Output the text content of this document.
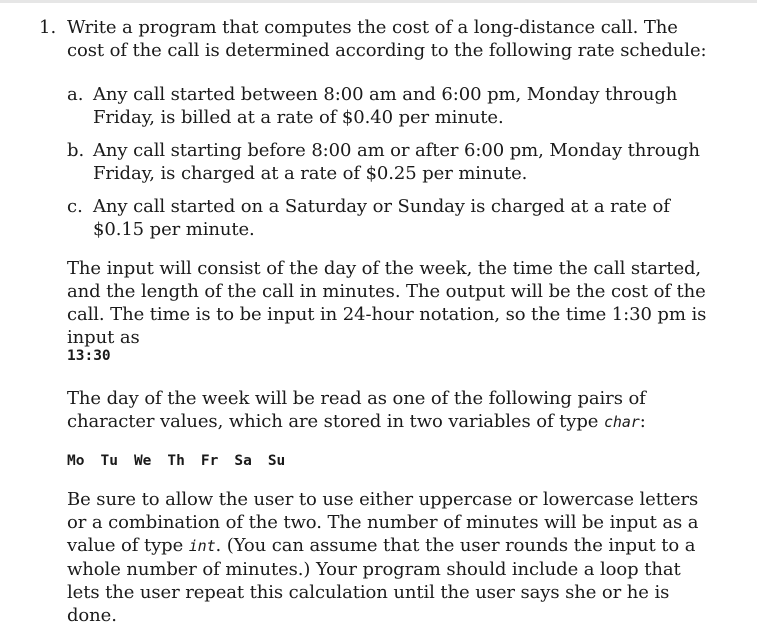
1. Write a program that computes the cost of a long-distance call. The cost of the call is determined according to the following rate schedule:

a. Any call started between 8:00 am and 6:00 pm, Monday through Friday, is billed at a rate of $0.40 per minute.

b. Any call starting before 8:00 am or after 6:00 pm, Monday through Friday, is charged at a rate of $0.25 per minute.

c. Any call started on a Saturday or Sunday is charged at a rate of $0.15 per minute.

The input will consist of the day of the week, the time the call started, and the length of the call in minutes. The output will be the cost of the call. The time is to be input in 24-hour notation, so the time 1:30 pm is input as

13:30

The day of the week will be read as one of the following pairs of character values, which are stored in two variables of type char:

Mo Tu We Th Fr Sa Su

Be sure to allow the user to use either uppercase or lowercase letters or a combination of the two. The number of minutes will be input as a value of type int. (You can assume that the user rounds the input to a whole number of minutes.) Your program should include a loop that lets the user repeat this calculation until the user says she or he is done.
